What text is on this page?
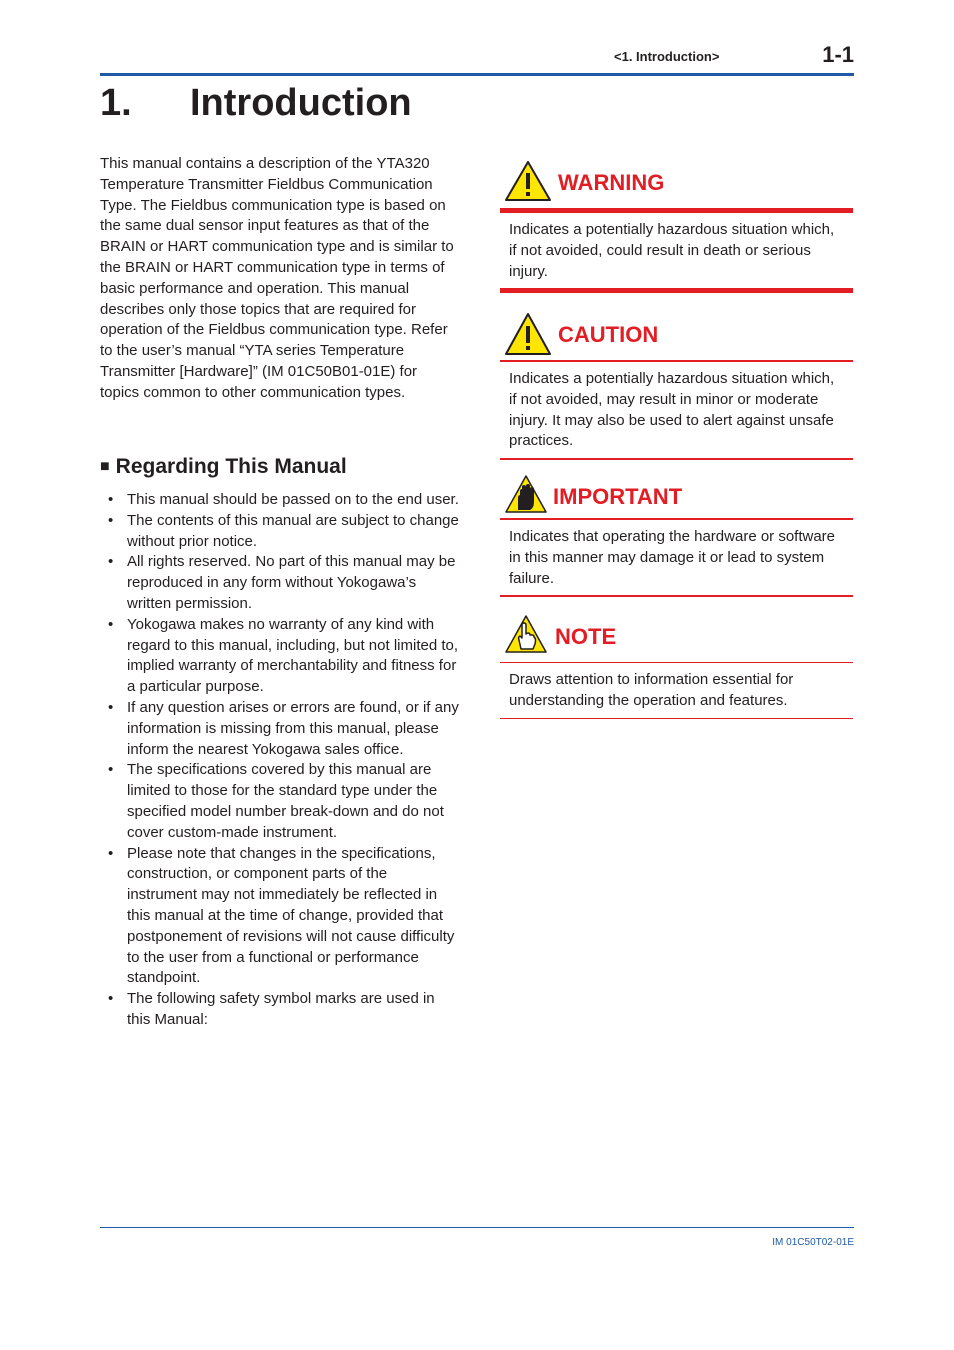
<1. Introduction>	1-1
1. Introduction

This manual contains a description of the YTA320 Temperature Transmitter Fieldbus Communication Type. The Fieldbus communication type is based on the same dual sensor input features as that of the BRAIN or HART communication type and is similar to the BRAIN or HART communication type in terms of basic performance and operation. This manual describes only those topics that are required for operation of the Fieldbus communication type. Refer to the user’s manual “YTA series Temperature Transmitter [Hardware]” (IM 01C50B01-01E) for topics common to other communication types.

■ Regarding This Manual
• This manual should be passed on to the end user.
• The contents of this manual are subject to change without prior notice.
• All rights reserved. No part of this manual may be reproduced in any form without Yokogawa’s written permission.
• Yokogawa makes no warranty of any kind with regard to this manual, including, but not limited to, implied warranty of merchantability and fitness for a particular purpose.
• If any question arises or errors are found, or if any information is missing from this manual, please inform the nearest Yokogawa sales office.
• The specifications covered by this manual are limited to those for the standard type under the specified model number break-down and do not cover custom-made instrument.
• Please note that changes in the specifications, construction, or component parts of the instrument may not immediately be reflected in this manual at the time of change, provided that postponement of revisions will not cause difficulty to the user from a functional or performance standpoint.
• The following safety symbol marks are used in this Manual:
WARNING
Indicates a potentially hazardous situation which, if not avoided, could result in death or serious injury.
CAUTION
Indicates a potentially hazardous situation which, if not avoided, may result in minor or moderate injury. It may also be used to alert against unsafe practices.
IMPORTANT
Indicates that operating the hardware or software in this manner may damage it or lead to system failure.
NOTE
Draws attention to information essential for understanding the operation and features.
IM 01C50T02-01E
